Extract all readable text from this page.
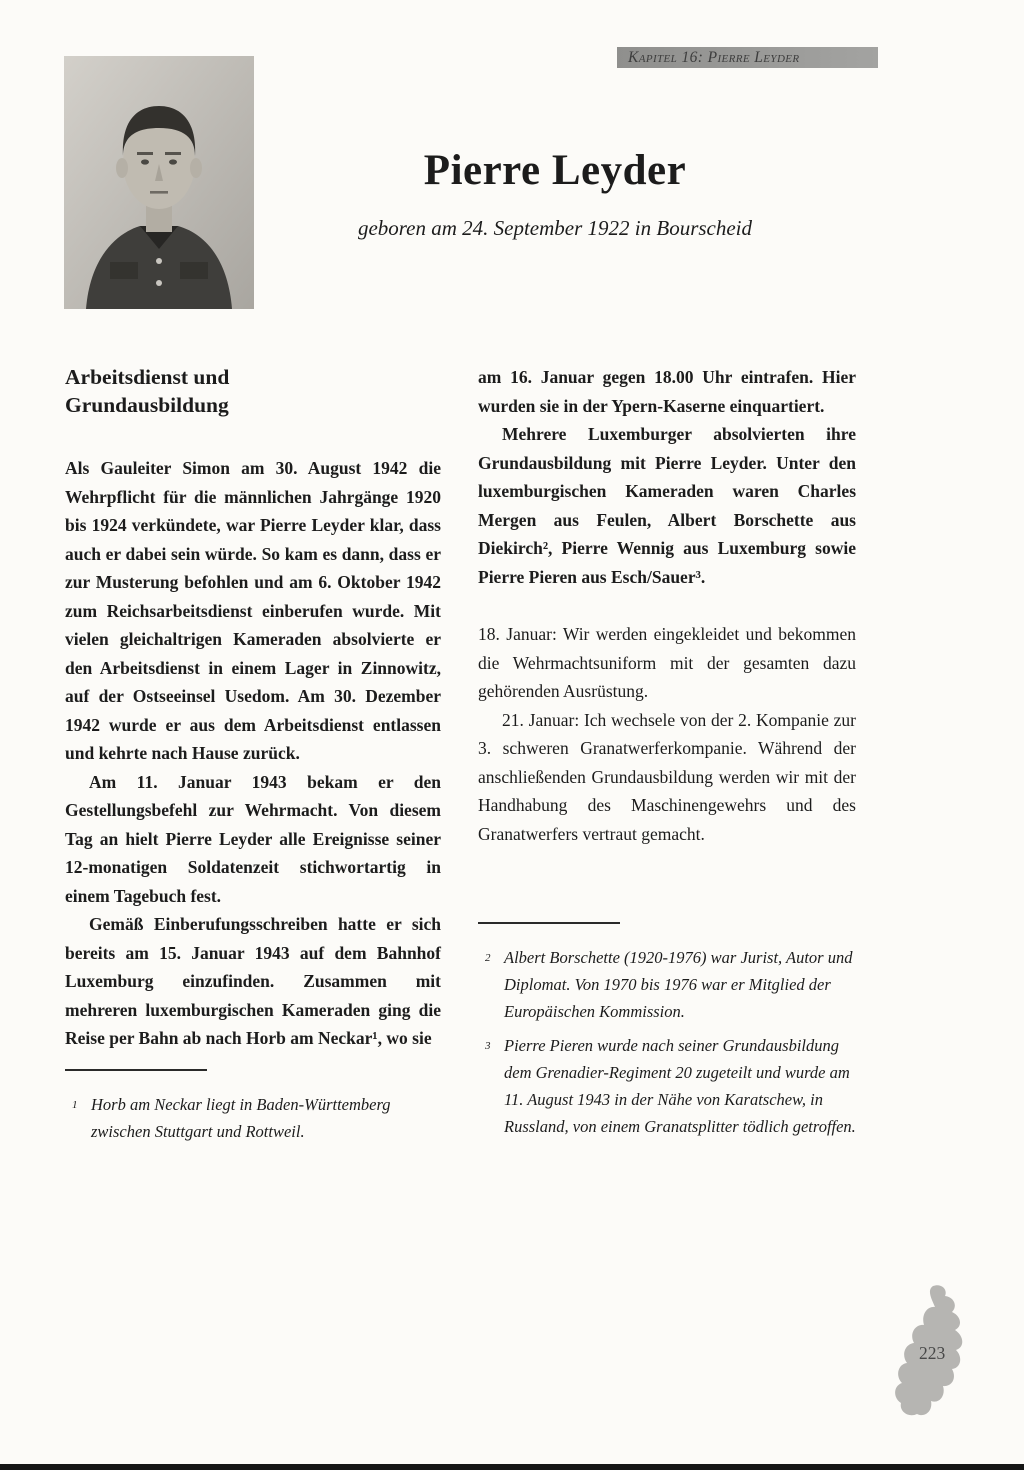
Kapitel 16: Pierre Leyder
Pierre Leyder
geboren am 24. September 1922 in Bourscheid
Arbeitsdienst und
Grundausbildung

Als Gauleiter Simon am 30. August 1942 die Wehrpflicht für die männlichen Jahrgänge 1920 bis 1924 verkündete, war Pierre Leyder klar, dass auch er dabei sein würde. So kam es dann, dass er zur Musterung befohlen und am 6. Oktober 1942 zum Reichsarbeitsdienst einberufen wurde. Mit vielen gleichaltrigen Kameraden absolvierte er den Arbeitsdienst in einem Lager in Zinnowitz, auf der Ostseeinsel Usedom. Am 30. Dezember 1942 wurde er aus dem Arbeitsdienst entlassen und kehrte nach Hause zurück.

Am 11. Januar 1943 bekam er den Gestellungsbefehl zur Wehrmacht. Von diesem Tag an hielt Pierre Leyder alle Ereignisse seiner 12-monatigen Soldatenzeit stichwortartig in einem Tagebuch fest.

Gemäß Einberufungsschreiben hatte er sich bereits am 15. Januar 1943 auf dem Bahnhof Luxemburg einzufinden. Zusammen mit mehreren luxemburgischen Kameraden ging die Reise per Bahn ab nach Horb am Neckar¹, wo sie

1 Horb am Neckar liegt in Baden-Württemberg zwischen Stuttgart und Rottweil.

am 16. Januar gegen 18.00 Uhr eintrafen. Hier wurden sie in der Ypern-Kaserne einquartiert.

Mehrere Luxemburger absolvierten ihre Grundausbildung mit Pierre Leyder. Unter den luxemburgischen Kameraden waren Charles Mergen aus Feulen, Albert Borschette aus Diekirch², Pierre Wennig aus Luxemburg sowie Pierre Pieren aus Esch/Sauer³.

18. Januar: Wir werden eingekleidet und bekommen die Wehrmachtsuniform mit der gesamten dazu gehörenden Ausrüstung.

21. Januar: Ich wechsele von der 2. Kompanie zur 3. schweren Granatwerferkompanie. Während der anschließenden Grundausbildung werden wir mit der Handhabung des Maschinengewehrs und des Granatwerfers vertraut gemacht.

2 Albert Borschette (1920-1976) war Jurist, Autor und Diplomat. Von 1970 bis 1976 war er Mitglied der Europäischen Kommission.

3 Pierre Pieren wurde nach seiner Grundausbildung dem Grenadier-Regiment 20 zugeteilt und wurde am 11. August 1943 in der Nähe von Karatschew, in Russland, von einem Granatsplitter tödlich getroffen.

223
